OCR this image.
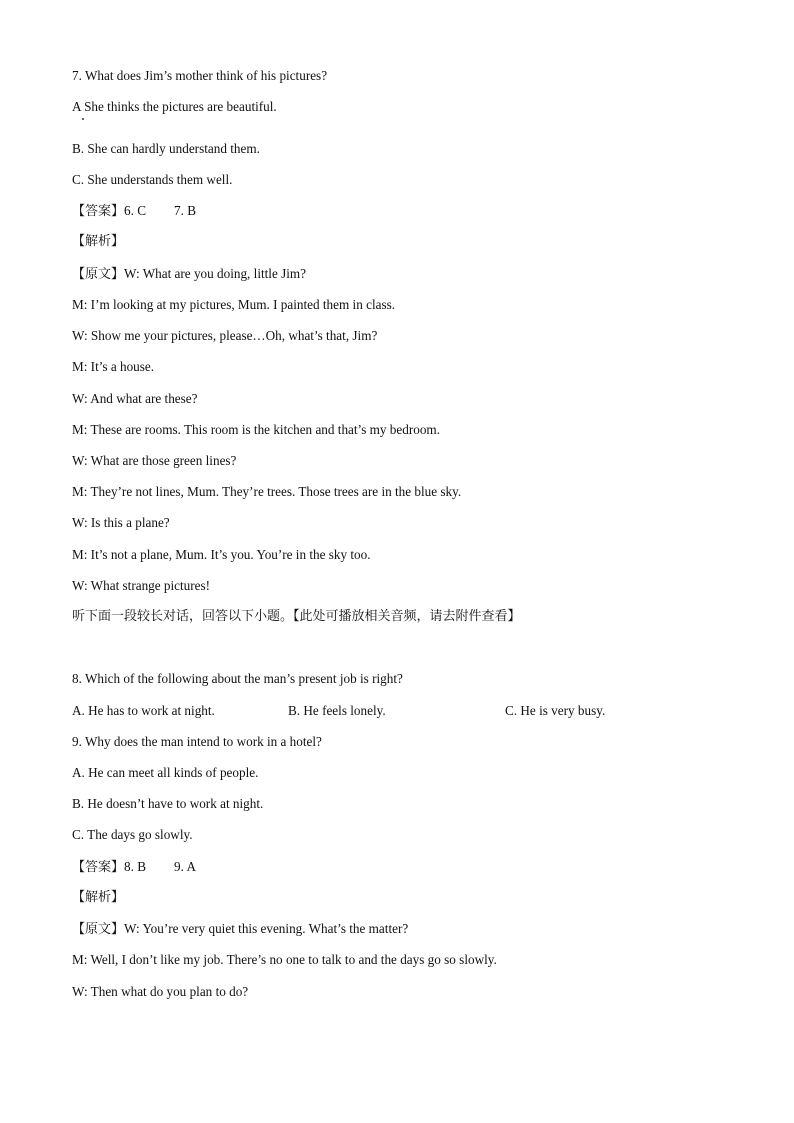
7. What does Jim’s mother think of his pictures?
A She thinks the pictures are beautiful.
B. She can hardly understand them.
C. She understands them well.
【答案】6. C 7. B
【解析】
【原文】W: What are you doing, little Jim?
M: I’m looking at my pictures, Mum. I painted them in class.
W: Show me your pictures, please…Oh, what’s that, Jim?
M: It’s a house.
W: And what are these?
M: These are rooms. This room is the kitchen and that’s my bedroom.
W: What are those green lines?
M: They’re not lines, Mum. They’re trees. Those trees are in the blue sky.
W: Is this a plane?
M: It’s not a plane, Mum. It’s you. You’re in the sky too.
W: What strange pictures!
听下面一段较长对话，回答以下小题。【此处可播放相关音频，请去附件查看】
8. Which of the following about the man’s present job is right?
A. He has to work at night.	B. He feels lonely.	C. He is very busy.
9. Why does the man intend to work in a hotel?
A. He can meet all kinds of people.
B. He doesn’t have to work at night.
C. The days go slowly.
【答案】8. B 9. A
【解析】
【原文】W: You’re very quiet this evening. What’s the matter?
M: Well, I don’t like my job. There’s no one to talk to and the days go so slowly.
W: Then what do you plan to do?
